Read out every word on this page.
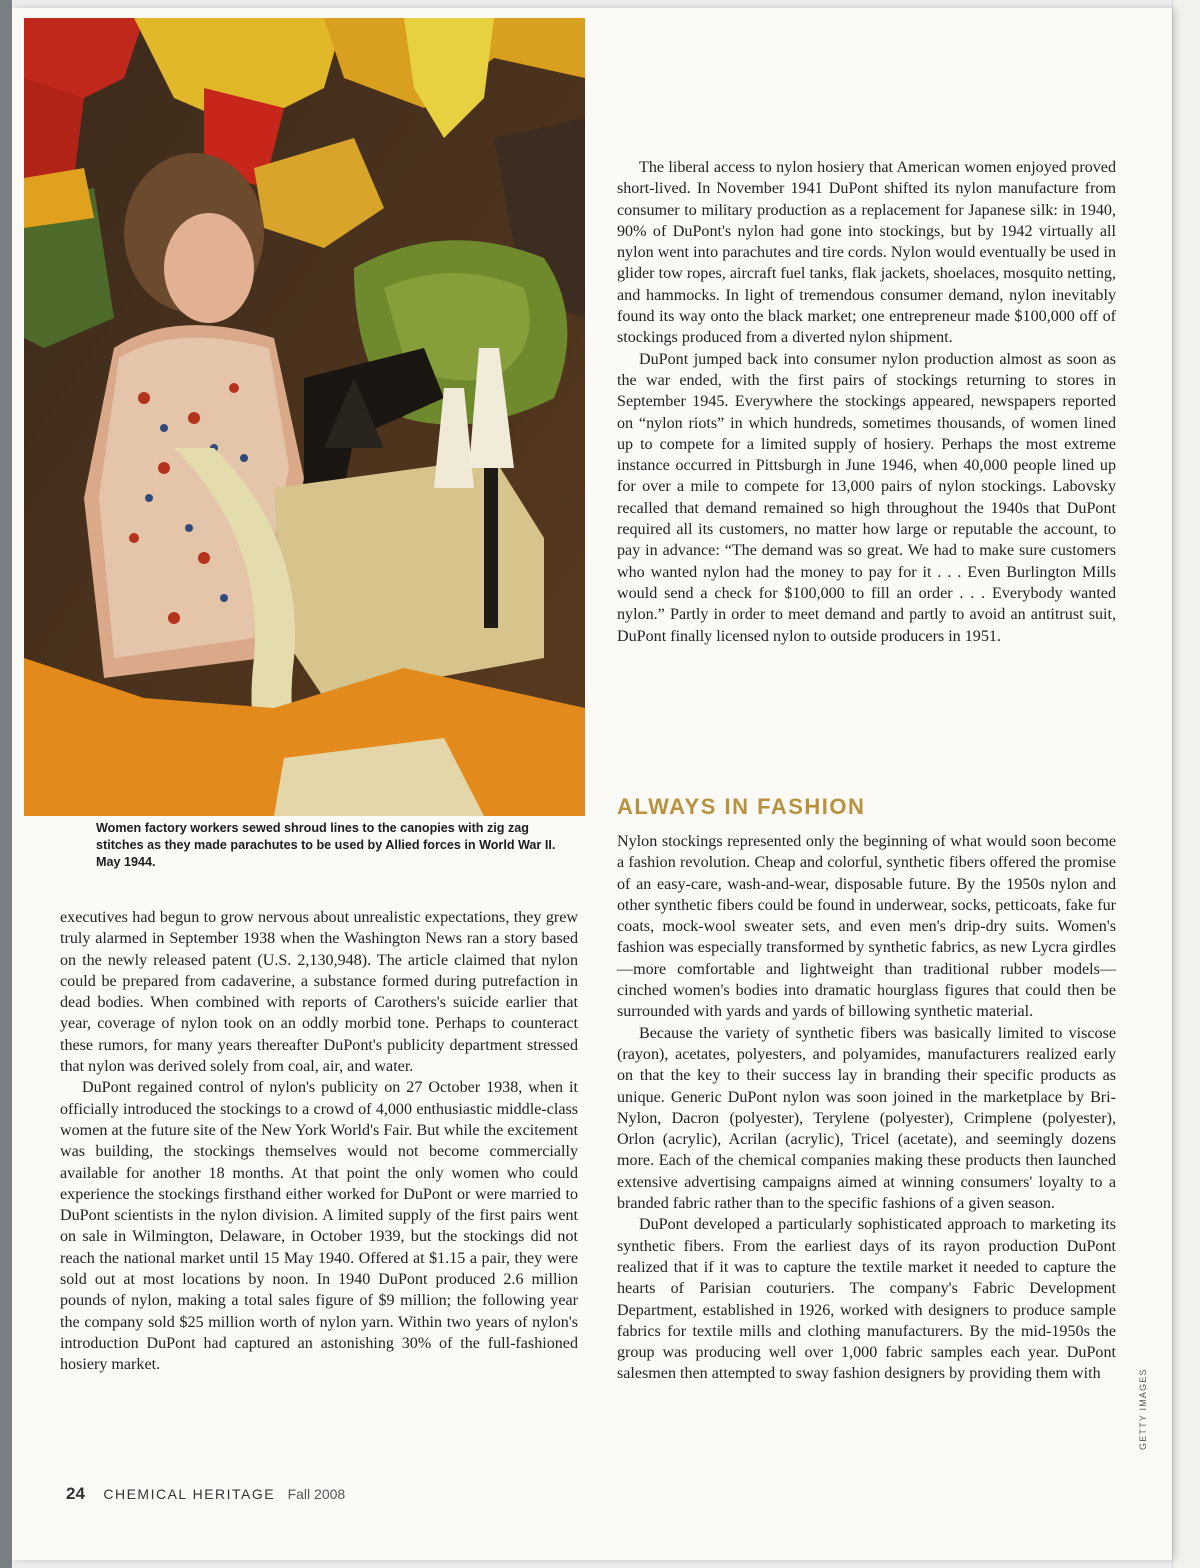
Women factory workers sewed shroud lines to the canopies with zig zag stitches as they made parachutes to be used by Allied forces in World War II. May 1944.

executives had begun to grow nervous about unrealistic expectations, they grew truly alarmed in September 1938 when the Washington News ran a story based on the newly released patent (U.S. 2,130,948). The article claimed that nylon could be prepared from cadaverine, a substance formed during putrefaction in dead bodies. When combined with reports of Carothers's suicide earlier that year, coverage of nylon took on an oddly morbid tone. Perhaps to counteract these rumors, for many years thereafter DuPont's publicity department stressed that nylon was derived solely from coal, air, and water.

DuPont regained control of nylon's publicity on 27 October 1938, when it officially introduced the stockings to a crowd of 4,000 enthusiastic middle-class women at the future site of the New York World's Fair. But while the excitement was building, the stockings themselves would not become commercially available for another 18 months. At that point the only women who could experience the stockings firsthand either worked for DuPont or were married to DuPont scientists in the nylon division. A limited supply of the first pairs went on sale in Wilmington, Delaware, in October 1939, but the stockings did not reach the national market until 15 May 1940. Offered at $1.15 a pair, they were sold out at most locations by noon. In 1940 DuPont produced 2.6 million pounds of nylon, making a total sales figure of $9 million; the following year the company sold $25 million worth of nylon yarn. Within two years of nylon's introduction DuPont had captured an astonishing 30% of the full-fashioned hosiery market.

The liberal access to nylon hosiery that American women enjoyed proved short-lived. In November 1941 DuPont shifted its nylon manufacture from consumer to military production as a replacement for Japanese silk: in 1940, 90% of DuPont's nylon had gone into stockings, but by 1942 virtually all nylon went into parachutes and tire cords. Nylon would eventually be used in glider tow ropes, aircraft fuel tanks, flak jackets, shoelaces, mosquito netting, and hammocks. In light of tremendous consumer demand, nylon inevitably found its way onto the black market; one entrepreneur made $100,000 off of stockings produced from a diverted nylon shipment.

DuPont jumped back into consumer nylon production almost as soon as the war ended, with the first pairs of stockings returning to stores in September 1945. Everywhere the stockings appeared, newspapers reported on “nylon riots” in which hundreds, sometimes thousands, of women lined up to compete for a limited supply of hosiery. Perhaps the most extreme instance occurred in Pittsburgh in June 1946, when 40,000 people lined up for over a mile to compete for 13,000 pairs of nylon stockings. Labovsky recalled that demand remained so high throughout the 1940s that DuPont required all its customers, no matter how large or reputable the account, to pay in advance: “The demand was so great. We had to make sure customers who wanted nylon had the money to pay for it . . . Even Burlington Mills would send a check for $100,000 to fill an order . . . Everybody wanted nylon.” Partly in order to meet demand and partly to avoid an antitrust suit, DuPont finally licensed nylon to outside producers in 1951.

ALWAYS IN FASHION

Nylon stockings represented only the beginning of what would soon become a fashion revolution. Cheap and colorful, synthetic fibers offered the promise of an easy-care, wash-and-wear, disposable future. By the 1950s nylon and other synthetic fibers could be found in underwear, socks, petticoats, fake fur coats, mock-wool sweater sets, and even men's drip-dry suits. Women's fashion was especially transformed by synthetic fabrics, as new Lycra girdles—more comfortable and lightweight than traditional rubber models—cinched women's bodies into dramatic hourglass figures that could then be surrounded with yards and yards of billowing synthetic material.

Because the variety of synthetic fibers was basically limited to viscose (rayon), acetates, polyesters, and polyamides, manufacturers realized early on that the key to their success lay in branding their specific products as unique. Generic DuPont nylon was soon joined in the marketplace by Bri-Nylon, Dacron (polyester), Terylene (polyester), Crimplene (polyester), Orlon (acrylic), Acrilan (acrylic), Tricel (acetate), and seemingly dozens more. Each of the chemical companies making these products then launched extensive advertising campaigns aimed at winning consumers' loyalty to a branded fabric rather than to the specific fashions of a given season.

DuPont developed a particularly sophisticated approach to marketing its synthetic fibers. From the earliest days of its rayon production DuPont realized that if it was to capture the textile market it needed to capture the hearts of Parisian couturiers. The company's Fabric Development Department, established in 1926, worked with designers to produce sample fabrics for textile mills and clothing manufacturers. By the mid-1950s the group was producing well over 1,000 fabric samples each year. DuPont salesmen then attempted to sway fashion designers by providing them with

24 CHEMICAL HERITAGE Fall 2008
GETTY IMAGES
